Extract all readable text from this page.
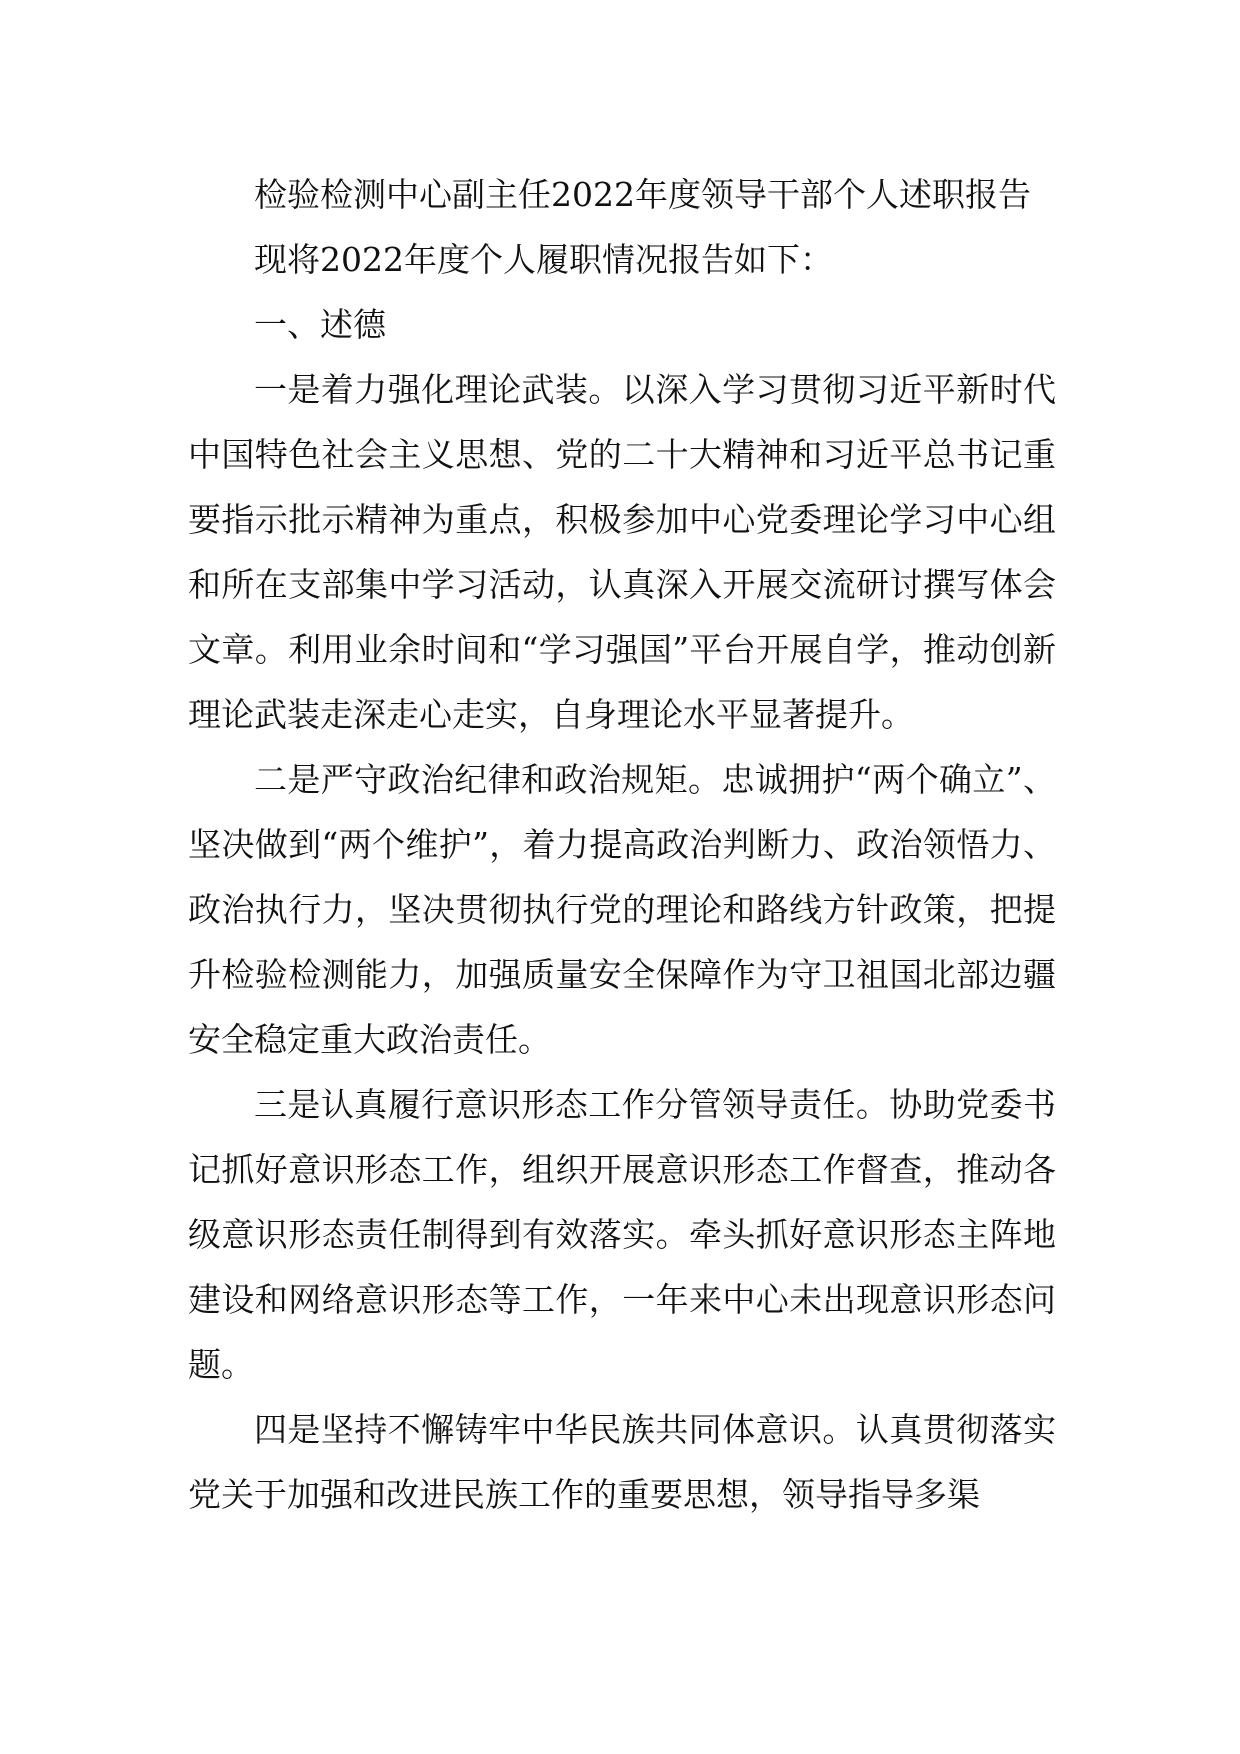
检验检测中心副主任2022年度领导干部个人述职报告

现将2022年度个人履职情况报告如下：

一、述德

一是着力强化理论武装。以深入学习贯彻习近平新时代中国特色社会主义思想、党的二十大精神和习近平总书记重要指示批示精神为重点，积极参加中心党委理论学习中心组和所在支部集中学习活动，认真深入开展交流研讨撰写体会文章。利用业余时间和“学习强国”平台开展自学，推动创新理论武装走深走心走实，自身理论水平显著提升。

二是严守政治纪律和政治规矩。忠诚拥护“两个确立”、坚决做到“两个维护”，着力提高政治判断力、政治领悟力、政治执行力，坚决贯彻执行党的理论和路线方针政策，把提升检验检测能力，加强质量安全保障作为守卫祖国北部边疆安全稳定重大政治责任。

三是认真履行意识形态工作分管领导责任。协助党委书记抓好意识形态工作，组织开展意识形态工作督查，推动各级意识形态责任制得到有效落实。牵头抓好意识形态主阵地建设和网络意识形态等工作，一年来中心未出现意识形态问题。

四是坚持不懈铸牢中华民族共同体意识。认真贯彻落实党关于加强和改进民族工作的重要思想，领导指导多渠
